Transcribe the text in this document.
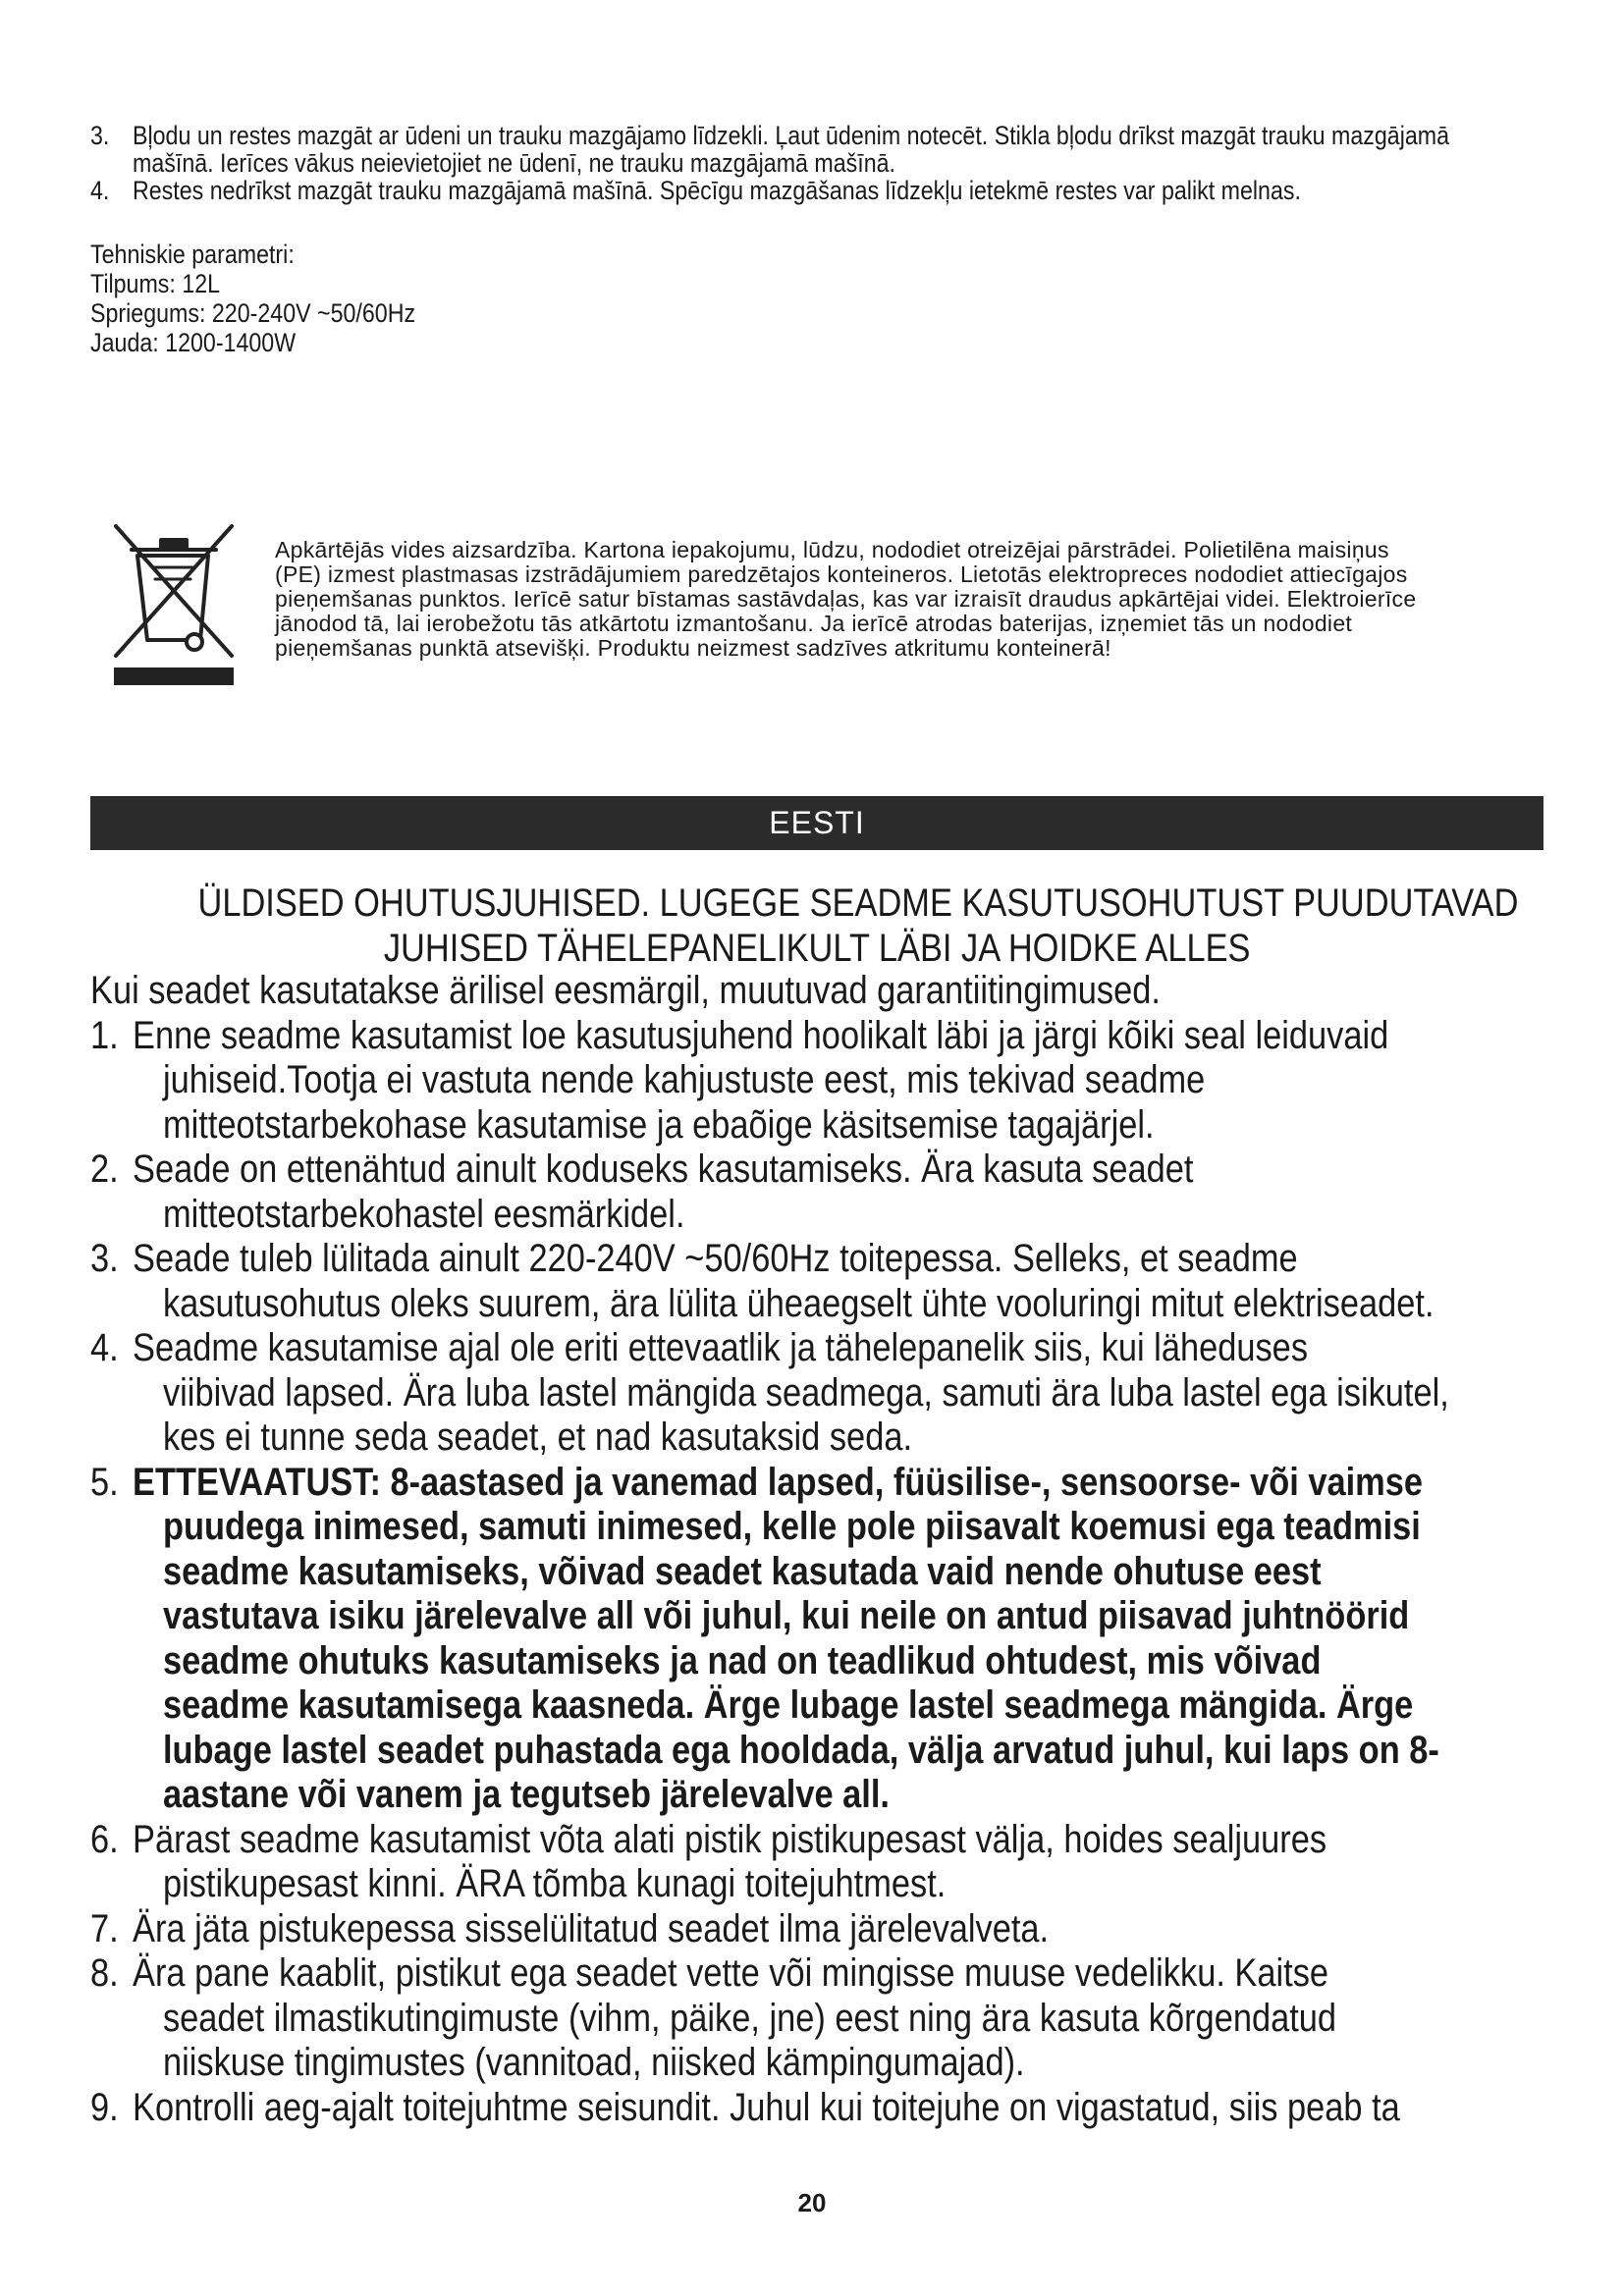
3. Bļodu un restes mazgāt ar ūdeni un trauku mazgājamo līdzekli. Ļaut ūdenim notecēt. Stikla bļodu drīkst mazgāt trauku mazgājamā
mašīnā. Ierīces vākus neievietojiet ne ūdenī, ne trauku mazgājamā mašīnā.
4. Restes nedrīkst mazgāt trauku mazgājamā mašīnā. Spēcīgu mazgāšanas līdzekļu ietekmē restes var palikt melnas.
Tehniskie parametri:
Tilpums: 12L
Spriegums: 220-240V ~50/60Hz
Jauda: 1200-1400W
Apkārtējās vides aizsardzība. Kartona iepakojumu, lūdzu, nododiet otreizējai pārstrādei. Polietilēna maisiņus
(PE) izmest plastmasas izstrādājumiem paredzētajos konteineros. Lietotās elektropreces nododiet attiecīgajos
pieņemšanas punktos. Ierīcē satur bīstamas sastāvdaļas, kas var izraisīt draudus apkārtējai videi. Elektroierīce
jānodod tā, lai ierobežotu tās atkārtotu izmantošanu. Ja ierīcē atrodas baterijas, izņemiet tās un nododiet
pieņemšanas punktā atsevišķi. Produktu neizmest sadzīves atkritumu konteinerā!
EESTI
ÜLDISED OHUTUSJUHISED. LUGEGE SEADME KASUTUSOHUTUST PUUDUTAVAD
JUHISED TÄHELEPANELIKULT LÄBI JA HOIDKE ALLES
Kui seadet kasutatakse ärilisel eesmärgil, muutuvad garantiitingimused.
1. Enne seadme kasutamist loe kasutusjuhend hoolikalt läbi ja järgi kõiki seal leiduvaid
juhiseid.Tootja ei vastuta nende kahjustuste eest, mis tekivad seadme
mitteotstarbekohase kasutamise ja ebaõige käsitsemise tagajärjel.
2. Seade on ettenähtud ainult koduseks kasutamiseks. Ära kasuta seadet
mitteotstarbekohastel eesmärkidel.
3. Seade tuleb lülitada ainult 220-240V ~50/60Hz toitepessa. Selleks, et seadme
kasutusohutus oleks suurem, ära lülita üheaegselt ühte vooluringi mitut elektriseadet.
4. Seadme kasutamise ajal ole eriti ettevaatlik ja tähelepanelik siis, kui läheduses
viibivad lapsed. Ära luba lastel mängida seadmega, samuti ära luba lastel ega isikutel,
kes ei tunne seda seadet, et nad kasutaksid seda.
5. ETTEVAATUST: 8-aastased ja vanemad lapsed, füüsilise-, sensoorse- või vaimse
puudega inimesed, samuti inimesed, kelle pole piisavalt koemusi ega teadmisi
seadme kasutamiseks, võivad seadet kasutada vaid nende ohutuse eest
vastutava isiku järelevalve all või juhul, kui neile on antud piisavad juhtnöörid
seadme ohutuks kasutamiseks ja nad on teadlikud ohtudest, mis võivad
seadme kasutamisega kaasneda. Ärge lubage lastel seadmega mängida. Ärge
lubage lastel seadet puhastada ega hooldada, välja arvatud juhul, kui laps on 8-
aastane või vanem ja tegutseb järelevalve all.
6. Pärast seadme kasutamist võta alati pistik pistikupesast välja, hoides sealjuures
pistikupesast kinni. ÄRA tõmba kunagi toitejuhtmest.
7. Ära jäta pistukepessa sisselülitatud seadet ilma järelevalveta.
8. Ära pane kaablit, pistikut ega seadet vette või mingisse muuse vedelikku. Kaitse
seadet ilmastikutingimuste (vihm, päike, jne) eest ning ära kasuta kõrgendatud
niiskuse tingimustes (vannitoad, niisked kämpingumajad).
9. Kontrolli aeg-ajalt toitejuhtme seisundit. Juhul kui toitejuhe on vigastatud, siis peab ta
20
